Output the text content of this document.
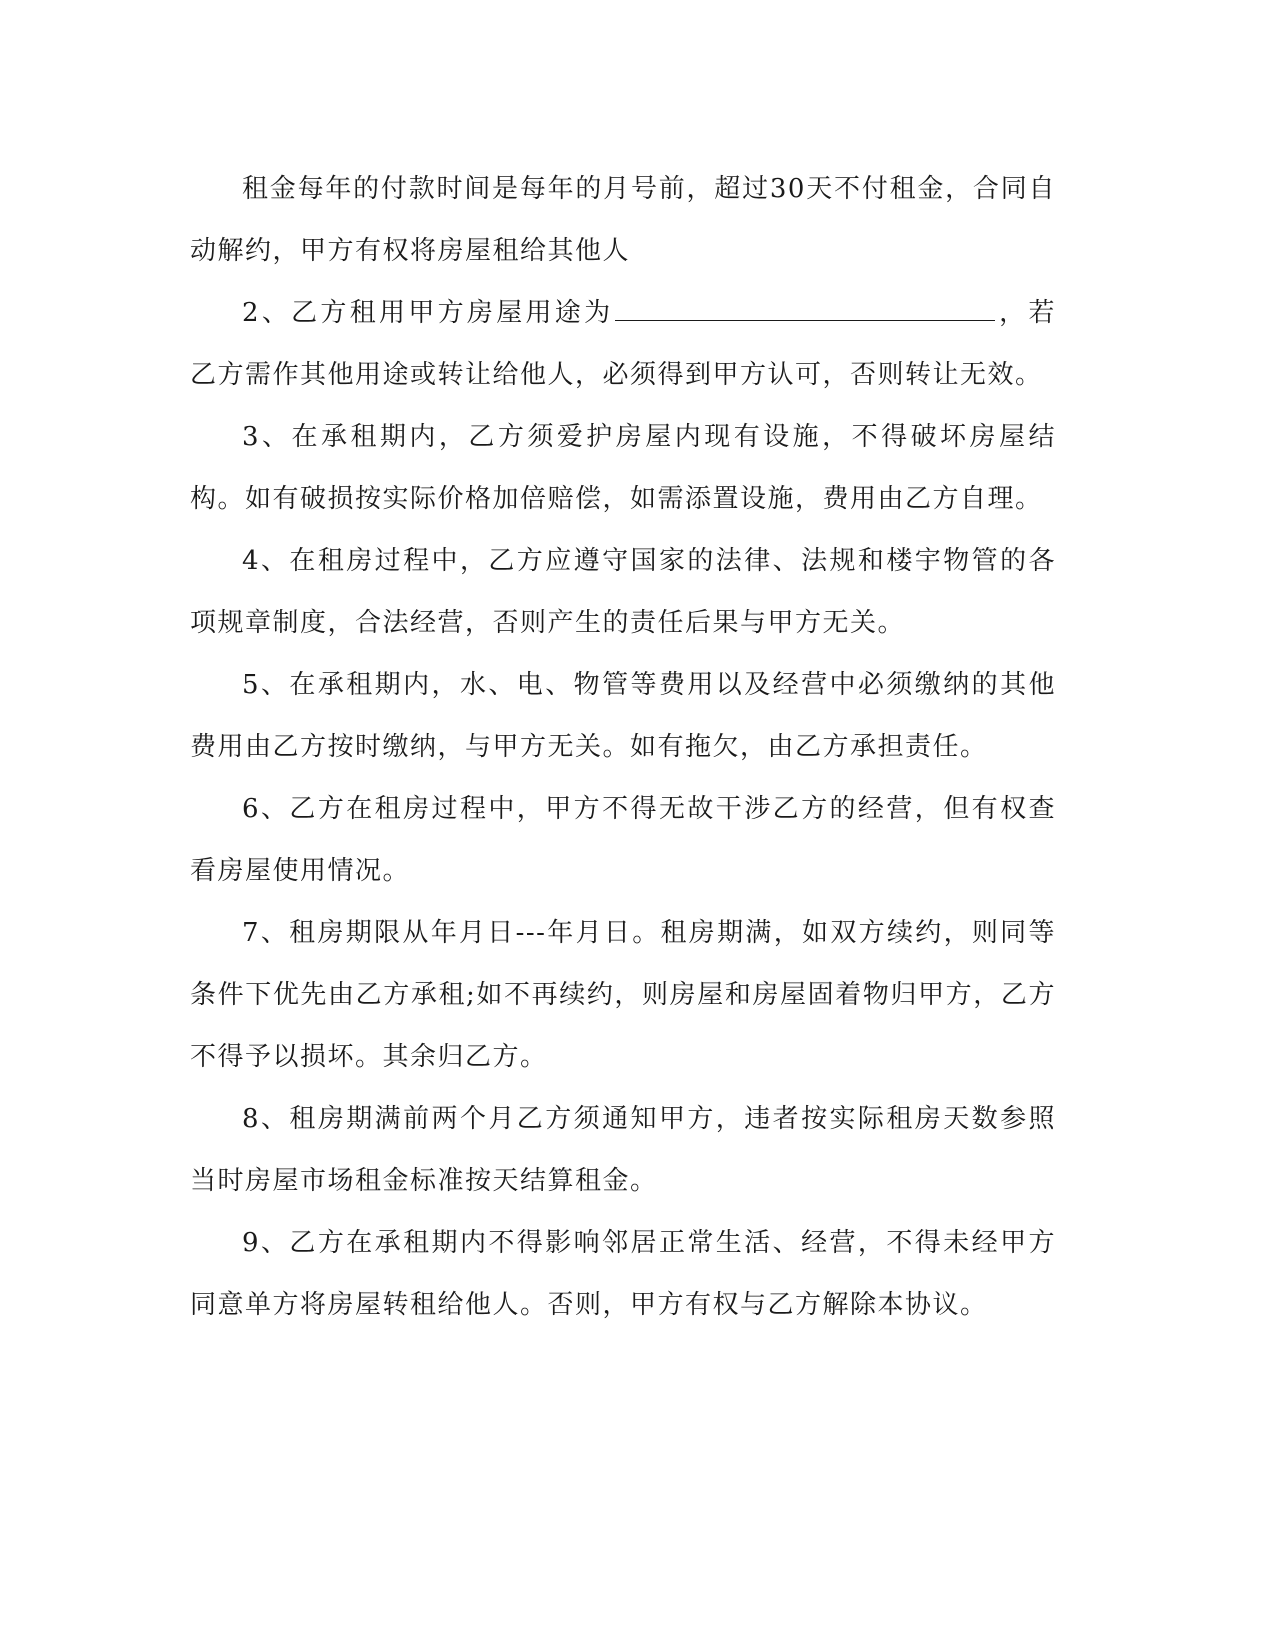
租金每年的付款时间是每年的月号前，超过30天不付租金，合同自动解约，甲方有权将房屋租给其他人

2、乙方租用甲方房屋用途为	，若乙方需作其他用途或转让给他人，必须得到甲方认可，否则转让无效。

3、在承租期内，乙方须爱护房屋内现有设施，不得破坏房屋结构。如有破损按实际价格加倍赔偿，如需添置设施，费用由乙方自理。

4、在租房过程中，乙方应遵守国家的法律、法规和楼宇物管的各项规章制度，合法经营，否则产生的责任后果与甲方无关。

5、在承租期内，水、电、物管等费用以及经营中必须缴纳的其他费用由乙方按时缴纳，与甲方无关。如有拖欠，由乙方承担责任。

6、乙方在租房过程中，甲方不得无故干涉乙方的经营，但有权查看房屋使用情况。

7、租房期限从年月日---年月日。租房期满，如双方续约，则同等条件下优先由乙方承租;如不再续约，则房屋和房屋固着物归甲方，乙方不得予以损坏。其余归乙方。

8、租房期满前两个月乙方须通知甲方，违者按实际租房天数参照当时房屋市场租金标准按天结算租金。

9、乙方在承租期内不得影响邻居正常生活、经营，不得未经甲方同意单方将房屋转租给他人。否则，甲方有权与乙方解除本协议。
